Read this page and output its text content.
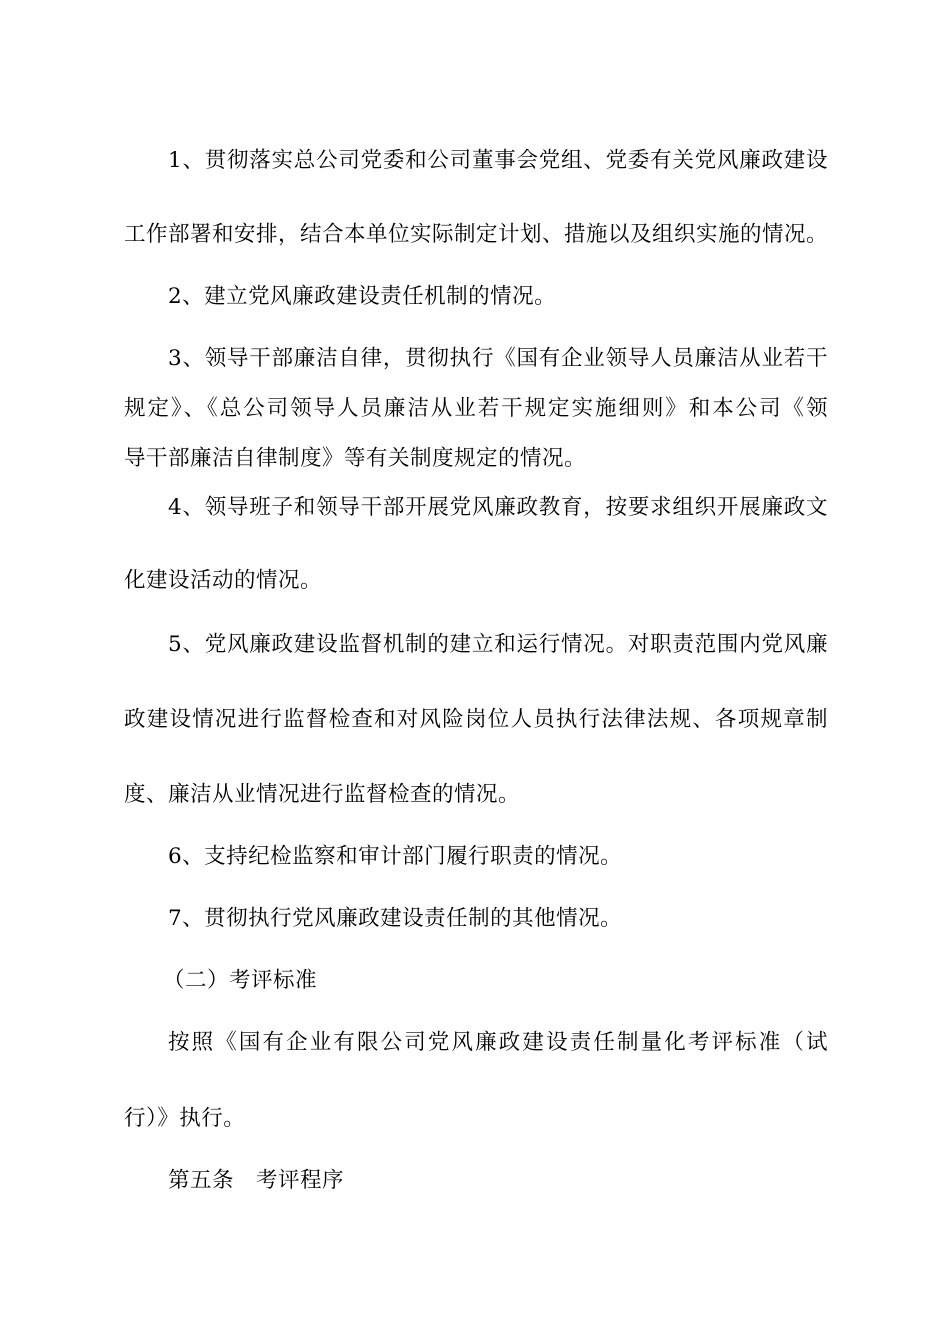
1、贯彻落实总公司党委和公司董事会党组、党委有关党风廉政建设
工作部署和安排，结合本单位实际制定计划、措施以及组织实施的情况。
2、建立党风廉政建设责任机制的情况。
3、领导干部廉洁自律，贯彻执行《国有企业领导人员廉洁从业若干
规定》、《总公司领导人员廉洁从业若干规定实施细则》和本公司《领
导干部廉洁自律制度》等有关制度规定的情况。
4、领导班子和领导干部开展党风廉政教育，按要求组织开展廉政文
化建设活动的情况。
5、党风廉政建设监督机制的建立和运行情况。对职责范围内党风廉
政建设情况进行监督检查和对风险岗位人员执行法律法规、各项规章制
度、廉洁从业情况进行监督检查的情况。
6、支持纪检监察和审计部门履行职责的情况。
7、贯彻执行党风廉政建设责任制的其他情况。
（二）考评标准
按照《国有企业有限公司党风廉政建设责任制量化考评标准（试
行）》执行。
第五条　考评程序
